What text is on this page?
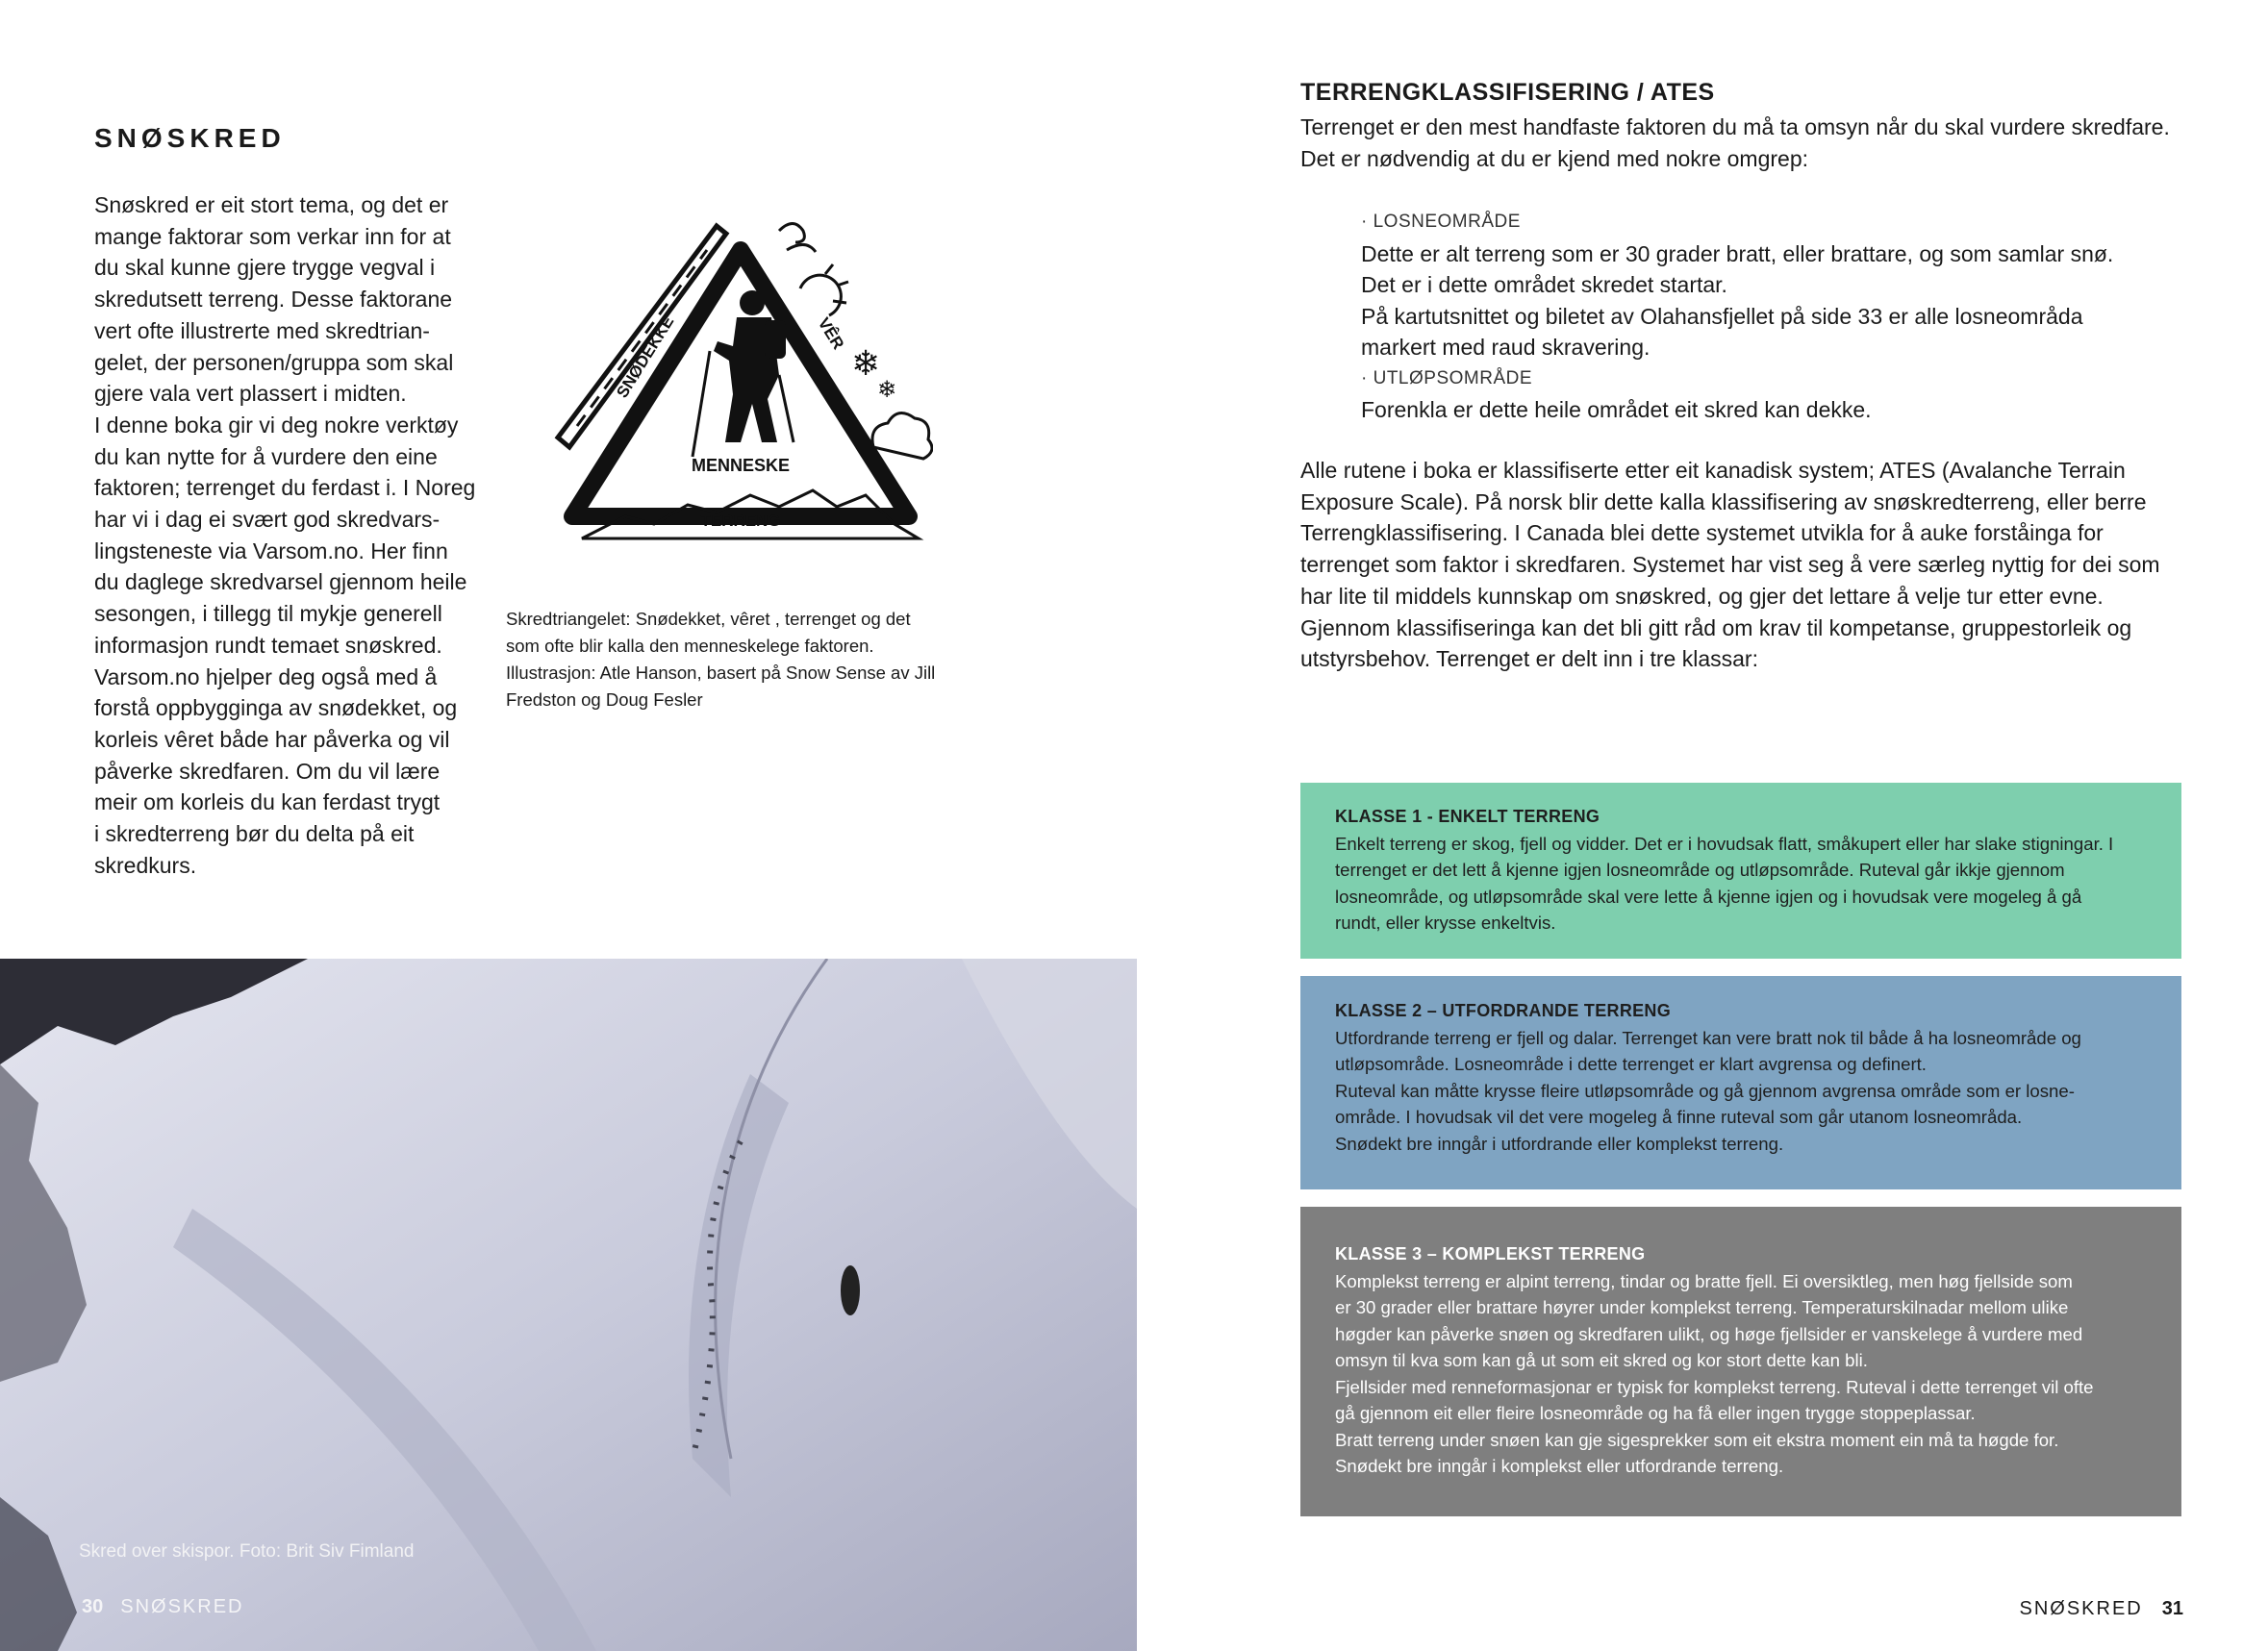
SNØSKRED

Snøskred er eit stort tema, og det er

mange faktorar som verkar inn for at

du skal kunne gjere trygge vegval i

skredutsett terreng. Desse faktorane

vert ofte illustrerte med skredtrian-

gelet, der personen/gruppa som skal

gjere vala vert plassert i midten.

I denne boka gir vi deg nokre verktøy

du kan nytte for å vurdere den eine

faktoren; terrenget du ferdast i. I Noreg

har vi i dag ei svært god skredvars-

lingsteneste via Varsom.no. Her finn

du daglege skredvarsel gjennom heile

sesongen, i tillegg til mykje generell

informasjon rundt temaet snøskred.

Varsom.no hjelper deg også med å

forstå oppbygginga av snødekket, og

korleis vêret både har påverka og vil

påverke skredfaren. Om du vil lære

meir om korleis du kan ferdast trygt

i skredterreng bør du delta på eit

skredkurs.

❄
❄
SNØDEKKE	VÊR
MENNESKE
TERRENG
Skredtriangelet: Snødekket, vêret , terrenget og det
som ofte blir kalla den menneskelege faktoren.
Illustrasjon: Atle Hanson, basert på Snow Sense av Jill
Fredston og Doug Fesler
Skred over skispor. Foto: Brit Siv Fimland
30 SNØSKRED
TERRENGKLASSIFISERING / ATES

Terrenget er den mest handfaste faktoren du må ta omsyn når du skal vurdere skredfare.

Det er nødvendig at du er kjend med nokre omgrep:

· LOSNEOMRÅDE

Dette er alt terreng som er 30 grader bratt, eller brattare, og som samlar snø.

Det er i dette området skredet startar.

På kartutsnittet og biletet av Olahansfjellet på side 33 er alle losneområda

markert med raud skravering.

· UTLØPSOMRÅDE

Forenkla er dette heile området eit skred kan dekke.

Alle rutene i boka er klassifiserte etter eit kanadisk system; ATES (Avalanche Terrain

Exposure Scale). På norsk blir dette kalla klassifisering av snøskredterreng, eller berre

Terrengklassifisering. I Canada blei dette systemet utvikla for å auke forståinga for

terrenget som faktor i skredfaren. Systemet har vist seg å vere særleg nyttig for dei som

har lite til middels kunnskap om snøskred, og gjer det lettare å velje tur etter evne.

Gjennom klassifiseringa kan det bli gitt råd om krav til kompetanse, gruppestorleik og

utstyrsbehov. Terrenget er delt inn i tre klassar:

KLASSE 1 - ENKELT TERRENG

Enkelt terreng er skog, fjell og vidder. Det er i hovudsak flatt, småkupert eller har slake stigningar. I

terrenget er det lett å kjenne igjen losneområde og utløpsområde. Ruteval går ikkje gjennom

losneområde, og utløpsområde skal vere lette å kjenne igjen og i hovudsak vere mogeleg å gå

rundt, eller krysse enkeltvis.

KLASSE 2 – UTFORDRANDE TERRENG

Utfordrande terreng er fjell og dalar. Terrenget kan vere bratt nok til både å ha losneområde og

utløpsområde. Losneområde i dette terrenget er klart avgrensa og definert.

Ruteval kan måtte krysse fleire utløpsområde og gå gjennom avgrensa område som er losne-

område. I hovudsak vil det vere mogeleg å finne ruteval som går utanom losneområda.

Snødekt bre inngår i utfordrande eller komplekst terreng.

KLASSE 3 – KOMPLEKST TERRENG

Komplekst terreng er alpint terreng, tindar og bratte fjell. Ei oversiktleg, men høg fjellside som

er 30 grader eller brattare høyrer under komplekst terreng. Temperaturskilnadar mellom ulike

høgder kan påverke snøen og skredfaren ulikt, og høge fjellsider er vanskelege å vurdere med

omsyn til kva som kan gå ut som eit skred og kor stort dette kan bli.

Fjellsider med renneformasjonar er typisk for komplekst terreng. Ruteval i dette terrenget vil ofte

gå gjennom eit eller fleire losneområde og ha få eller ingen trygge stoppeplassar.

Bratt terreng under snøen kan gje sigesprekker som eit ekstra moment ein må ta høgde for.

Snødekt bre inngår i komplekst eller utfordrande terreng.

SNØSKRED 31
